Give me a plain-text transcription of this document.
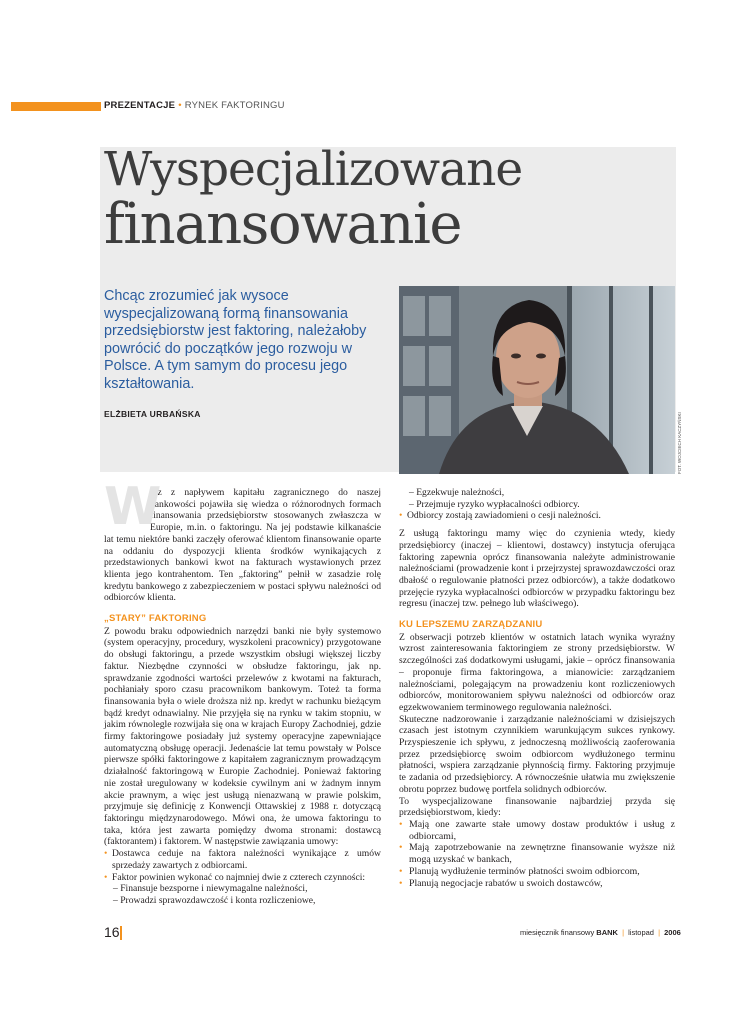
PREZENTACJE • RYNEK FAKTORINGU
Wyspecjalizowane
finansowanie

Chcąc zrozumieć jak wysoce wyspecjalizowaną formą finansowania przedsiębiorstw jest faktoring, należałoby powrócić do początków jego rozwoju w Polsce. A tym samym do procesu jego kształtowania.

ELŻBIETA URBAŃSKA	FOT. WOJCIECH KACZYŃSKI

W
raz z napływem kapitału zagranicznego do naszej bankowości pojawiła się wiedza o różnorodnych formach finansowania przedsiębiorstw stosowanych zwłaszcza w Europie, m.in. o faktoringu. Na jej podstawie kilkanaście lat temu niektóre banki zaczęły oferować klientom finansowanie oparte na oddaniu do dyspozycji klienta środków wynikających z przedstawionych bankowi kwot na fakturach wystawionych przez klienta jego kontrahentom. Ten „faktoring” pełnił w zasadzie rolę kredytu bankowego z zabezpieczeniem w postaci spływu należności od odbiorców klienta.

„STARY” FAKTORING

Z powodu braku odpowiednich narzędzi banki nie były systemowo (system operacyjny, procedury, wyszkoleni pracownicy) przygotowane do obsługi faktoringu, a przede wszystkim obsługi większej liczby faktur. Niezbędne czynności w obsłudze faktoringu, jak np. sprawdzanie zgodności wartości przelewów z kwotami na fakturach, pochłaniały sporo czasu pracownikom bankowym. Toteż ta forma finansowania była o wiele droższa niż np. kredyt w rachunku bieżącym bądź kredyt odnawialny. Nie przyjęła się na rynku w takim stopniu, w jakim równolegle rozwijała się ona w krajach Europy Zachodniej, gdzie firmy faktoringowe posiadały już systemy operacyjne zapewniające automatyczną obsługę operacji. Jedenaście lat temu powstały w Polsce pierwsze spółki faktoringowe z kapitałem zagranicznym prowadzącym działalność faktoringową w Europie Zachodniej. Ponieważ faktoring nie został uregulowany w kodeksie cywilnym ani w żadnym innym akcie prawnym, a więc jest usługą nienazwaną w prawie polskim, przyjmuje się definicję z Konwencji Ottawskiej z 1988 r. dotyczącą faktoringu międzynarodowego. Mówi ona, że umowa faktoringu to taka, która jest zawarta pomiędzy dwoma stronami: dostawcą (faktorantem) i faktorem. W następstwie zawiązania umowy:

• Dostawca ceduje na faktora należności wynikające z umów sprzedaży zawartych z odbiorcami.
• Faktor powinien wykonać co najmniej dwie z czterech czynności:
– Finansuje bezsporne i niewymagalne należności,
– Prowadzi sprawozdawczość i konta rozliczeniowe,
– Egzekwuje należności,
– Przejmuje ryzyko wypłacalności odbiorcy.
• Odbiorcy zostają zawiadomieni o cesji należności.

Z usługą faktoringu mamy więc do czynienia wtedy, kiedy przedsiębiorcy (inaczej – klientowi, dostawcy) instytucja oferująca faktoring zapewnia oprócz finansowania należyte administrowanie należnościami (prowadzenie kont i przejrzystej sprawozdawczości oraz dbałość o regulowanie płatności przez odbiorców), a także dodatkowo przejęcie ryzyka wypłacalności odbiorców w przypadku faktoringu bez regresu (inaczej tzw. pełnego lub właściwego).

KU LEPSZEMU ZARZĄDZANIU

Z obserwacji potrzeb klientów w ostatnich latach wynika wyraźny wzrost zainteresowania faktoringiem ze strony przedsiębiorstw. W szczególności zaś dodatkowymi usługami, jakie – oprócz finansowania – proponuje firma faktoringowa, a mianowicie: zarządzaniem należnościami, polegającym na prowadzeniu kont rozliczeniowych odbiorców, monitorowaniem spływu należności od odbiorców oraz egzekwowaniem terminowego regulowania należności.

Skuteczne nadzorowanie i zarządzanie należnościami w dzisiejszych czasach jest istotnym czynnikiem warunkującym sukces rynkowy. Przyspieszenie ich spływu, z jednoczesną możliwością zaoferowania przez przedsiębiorcę swoim odbiorcom wydłużonego terminu płatności, wspiera zarządzanie płynnością firmy. Faktoring przyjmuje te zadania od przedsiębiorcy. A równocześnie ułatwia mu zwiększenie obrotu poprzez budowę portfela solidnych odbiorców.

To wyspecjalizowane finansowanie najbardziej przyda się przedsiębiorstwom, kiedy:

• Mają one zawarte stałe umowy dostaw produktów i usług z odbiorcami,
• Mają zapotrzebowanie na zewnętrzne finansowanie wyższe niż mogą uzyskać w bankach,
• Planują wydłużenie terminów płatności swoim odbiorcom,
• Planują negocjacje rabatów u swoich dostawców,
16	miesięcznik finansowy BANK | listopad | 2006
